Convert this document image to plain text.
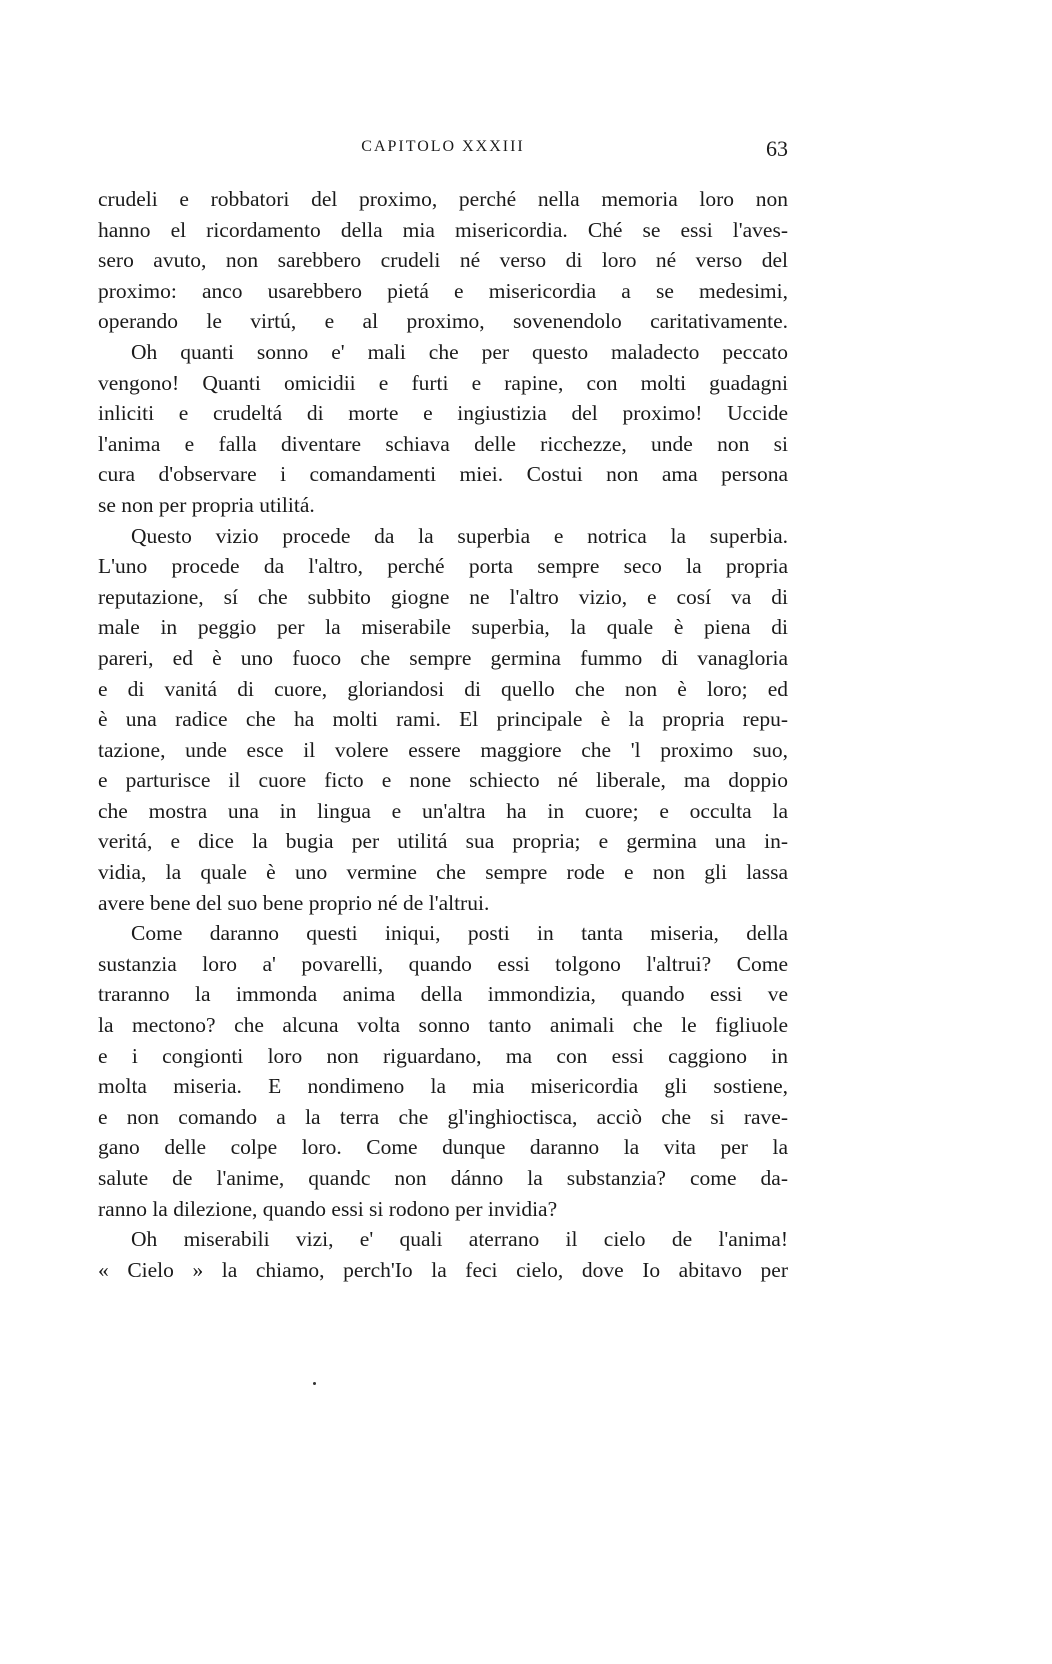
CAPITOLO XXXIII	63
crudeli e robbatori del proximo, perché nella memoria loro non
hanno el ricordamento della mia misericordia. Ché se essi l'aves-
sero avuto, non sarebbero crudeli né verso di loro né verso del
proximo: anco usarebbero pietá e misericordia a se medesimi,
operando le virtú, e al proximo, sovenendolo caritativamente.
Oh quanti sonno e' mali che per questo maladecto peccato
vengono! Quanti omicidii e furti e rapine, con molti guadagni
inliciti e crudeltá di morte e ingiustizia del proximo! Uccide
l'anima e falla diventare schiava delle ricchezze, unde non si
cura d'observare i comandamenti miei. Costui non ama persona
se non per propria utilitá.
Questo vizio procede da la superbia e notrica la superbia.
L'uno procede da l'altro, perché porta sempre seco la propria
reputazione, sí che subbito giogne ne l'altro vizio, e cosí va di
male in peggio per la miserabile superbia, la quale è piena di
pareri, ed è uno fuoco che sempre germina fummo di vanagloria
e di vanitá di cuore, gloriandosi di quello che non è loro; ed
è una radice che ha molti rami. El principale è la propria repu-
tazione, unde esce il volere essere maggiore che 'l proximo suo,
e parturisce il cuore ficto e none schiecto né liberale, ma doppio
che mostra una in lingua e un'altra ha in cuore; e occulta la
veritá, e dice la bugia per utilitá sua propria; e germina una in-
vidia, la quale è uno vermine che sempre rode e non gli lassa
avere bene del suo bene proprio né de l'altrui.
Come daranno questi iniqui, posti in tanta miseria, della
sustanzia loro a' povarelli, quando essi tolgono l'altrui? Come
traranno la immonda anima della immondizia, quando essi ve
la mectono? che alcuna volta sonno tanto animali che le figliuole
e i congionti loro non riguardano, ma con essi caggiono in
molta miseria. E nondimeno la mia misericordia gli sostiene,
e non comando a la terra che gl'inghioctisca, acciò che si rave-
gano delle colpe loro. Come dunque daranno la vita per la
salute de l'anime, quandc non dánno la substanzia? come da-
ranno la dilezione, quando essi si rodono per invidia?
Oh miserabili vizi, e' quali aterrano il cielo de l'anima!
« Cielo » la chiamo, perch'Io la feci cielo, dove Io abitavo per
